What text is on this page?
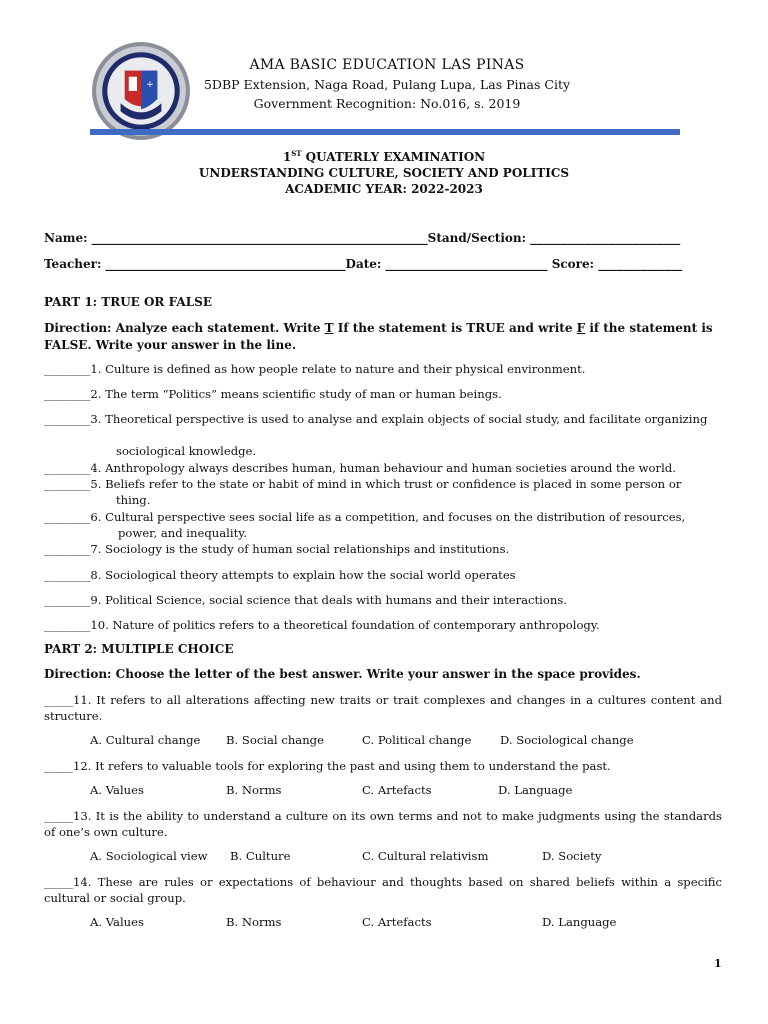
+
AMA BASIC EDUCATION LAS PINAS
5DBP Extension, Naga Road, Pulang Lupa, Las Pinas City
Government Recognition: No.016, s. 2019
1ST QUATERLY EXAMINATION
UNDERSTANDING CULTURE, SOCIETY AND POLITICS
ACADEMIC YEAR: 2022-2023
Name: ________________________________________________________Stand/Section: _________________________
Teacher: ________________________________________Date: ___________________________ Score: ______________
PART 1: TRUE OR FALSE
Direction: Analyze each statement. Write T If the statement is TRUE and write F if the statement is FALSE. Write your answer in the line.
________1. Culture is defined as how people relate to nature and their physical environment.
________2. The term “Politics” means scientific study of man or human beings.
________3. Theoretical perspective is used to analyse and explain objects of social study, and facilitate organizing
sociological knowledge.
________4. Anthropology always describes human, human behaviour and human societies around the world.
________5. Beliefs refer to the state or habit of mind in which trust or confidence is placed in some person or
thing.
________6. Cultural perspective sees social life as a competition, and focuses on the distribution of resources,
power, and inequality.
________7. Sociology is the study of human social relationships and institutions.
________8. Sociological theory attempts to explain how the social world operates
________9. Political Science, social science that deals with humans and their interactions.
________10. Nature of politics refers to a theoretical foundation of contemporary anthropology.
PART 2: MULTIPLE CHOICE
Direction: Choose the letter of the best answer. Write your answer in the space provides.
_____11. It refers to all alterations affecting new traits or trait complexes and changes in a cultures content and structure.
A. Cultural change B. Social change	C. Political change D. Sociological change
_____12. It refers to valuable tools for exploring the past and using them to understand the past.
A. Values	B. Norms	C. Artefacts	D. Language
_____13. It is the ability to understand a culture on its own terms and not to make judgments using the standards of one’s own culture.
A. Sociological view B. Culture	C. Cultural relativism	D. Society
_____14. These are rules or expectations of behaviour and thoughts based on shared beliefs within a specific cultural or social group.
A. Values	B. Norms	C. Artefacts	D. Language
1
